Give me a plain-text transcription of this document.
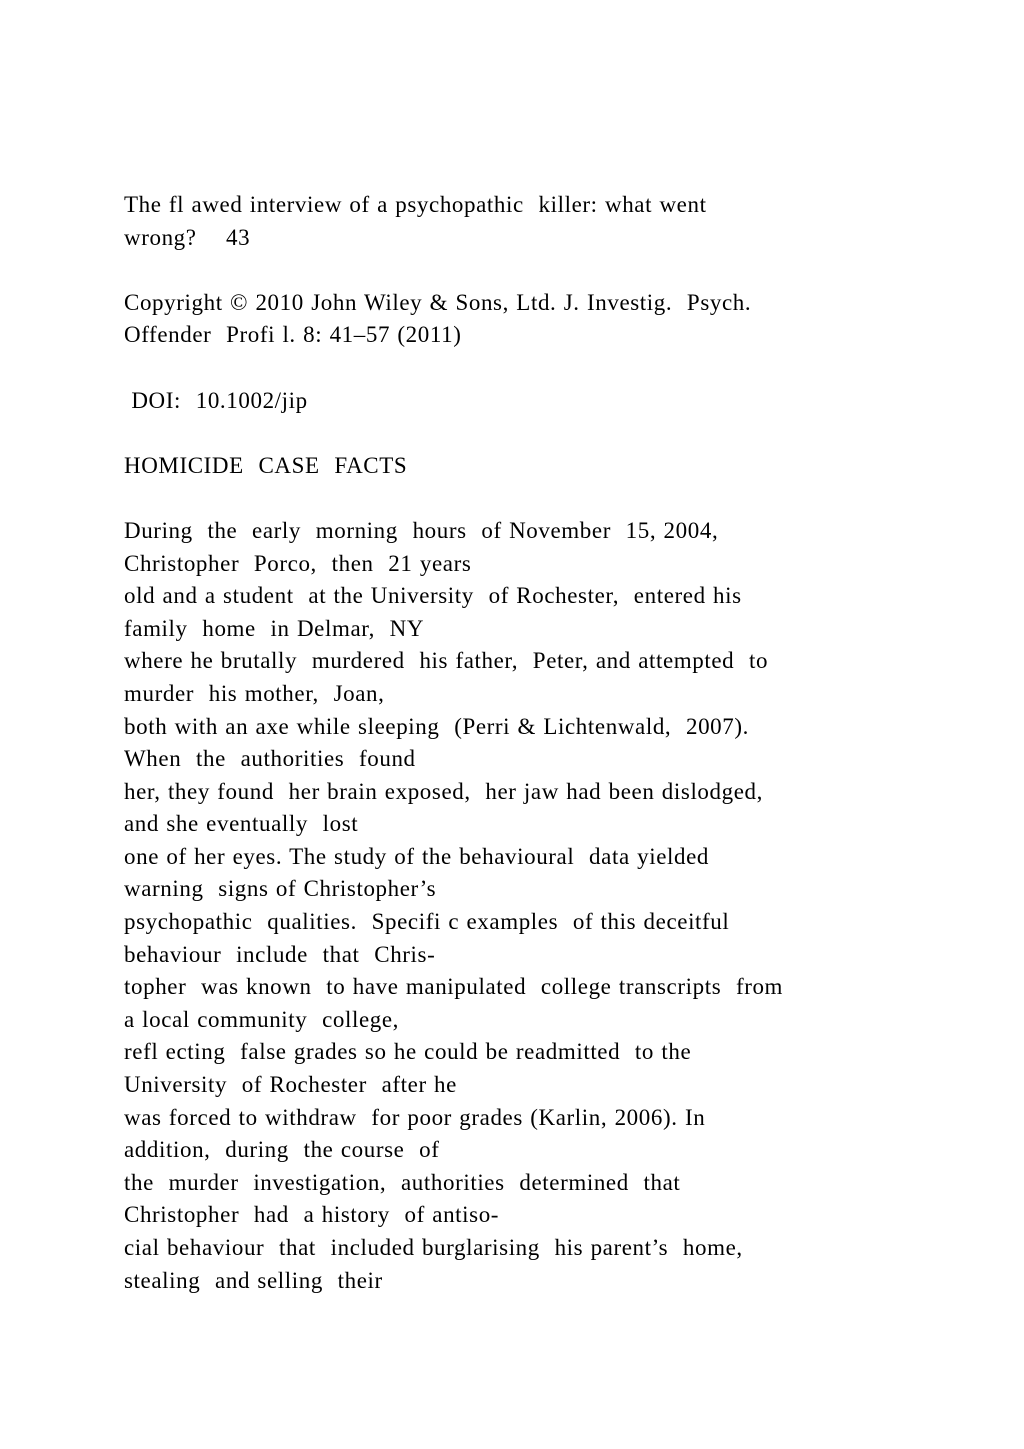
The fl awed interview of a psychopathic  killer: what went
wrong?    43
Copyright © 2010 John Wiley & Sons, Ltd. J. Investig.  Psych.
Offender  Profi l. 8: 41–57 (2011)
DOI:  10.1002/jip
HOMICIDE  CASE  FACTS
During  the  early  morning  hours  of November  15, 2004,
Christopher  Porco,  then  21 years
old and a student  at the University  of Rochester,  entered his
family  home  in Delmar,  NY
where he brutally  murdered  his father,  Peter, and attempted  to
murder  his mother,  Joan,
both with an axe while sleeping  (Perri & Lichtenwald,  2007).
When  the  authorities  found
her, they found  her brain exposed,  her jaw had been dislodged,
and she eventually  lost
one of her eyes. The study of the behavioural  data yielded
warning  signs of Christopher’s
psychopathic  qualities.  Specifi c examples  of this deceitful
behaviour  include  that  Chris-
topher  was known  to have manipulated  college transcripts  from
a local community  college,
refl ecting  false grades so he could be readmitted  to the
University  of Rochester  after he
was forced to withdraw  for poor grades (Karlin, 2006). In
addition,  during  the course  of
the  murder  investigation,  authorities  determined  that
Christopher  had  a history  of antiso-
cial behaviour  that  included burglarising  his parent’s  home,
stealing  and selling  their
